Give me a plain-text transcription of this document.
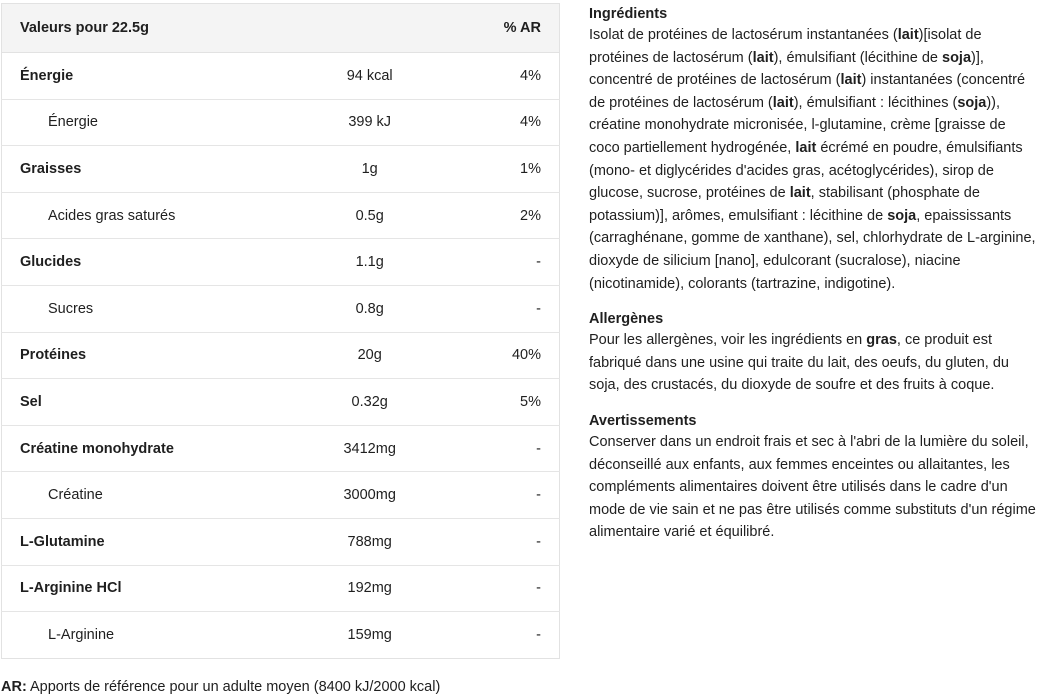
Valeurs pour 22.5g		% AR
Énergie	94 kcal	4%
Énergie	399 kJ	4%
Graisses	1g	1%
Acides gras saturés	0.5g	2%
Glucides	1.1g	-
Sucres	0.8g	-
Protéines	20g	40%
Sel	0.32g	5%
Créatine monohydrate	3412mg	-
Créatine	3000mg	-
L-Glutamine	788mg	-
L-Arginine HCl	192mg	-
L-Arginine	159mg	-
AR: Apports de référence pour un adulte moyen (8400 kJ/2000 kcal)
Ingrédients

Isolat de protéines de lactosérum instantanées (lait)[isolat de protéines de lactosérum (lait), émulsifiant (lécithine de soja)], concentré de protéines de lactosérum (lait) instantanées (concentré de protéines de lactosérum (lait), émulsifiant : lécithines (soja)), créatine monohydrate micronisée, l-glutamine, crème [graisse de coco partiellement hydrogénée, lait écrémé en poudre, émulsifiants (mono- et diglycérides d'acides gras, acétoglycérides), sirop de glucose, sucrose, protéines de lait, stabilisant (phosphate de potassium)], arômes, emulsifiant : lécithine de soja, epaississants (carraghénane, gomme de xanthane), sel, chlorhydrate de L-arginine, dioxyde de silicium [nano], edulcorant (sucralose), niacine (nicotinamide), colorants (tartrazine, indigotine).

Allergènes

Pour les allergènes, voir les ingrédients en gras, ce produit est fabriqué dans une usine qui traite du lait, des oeufs, du gluten, du soja, des crustacés, du dioxyde de soufre et des fruits à coque.

Avertissements

Conserver dans un endroit frais et sec à l'abri de la lumière du soleil, déconseillé aux enfants, aux femmes enceintes ou allaitantes, les compléments alimentaires doivent être utilisés dans le cadre d'un mode de vie sain et ne pas être utilisés comme substituts d'un régime alimentaire varié et équilibré.
